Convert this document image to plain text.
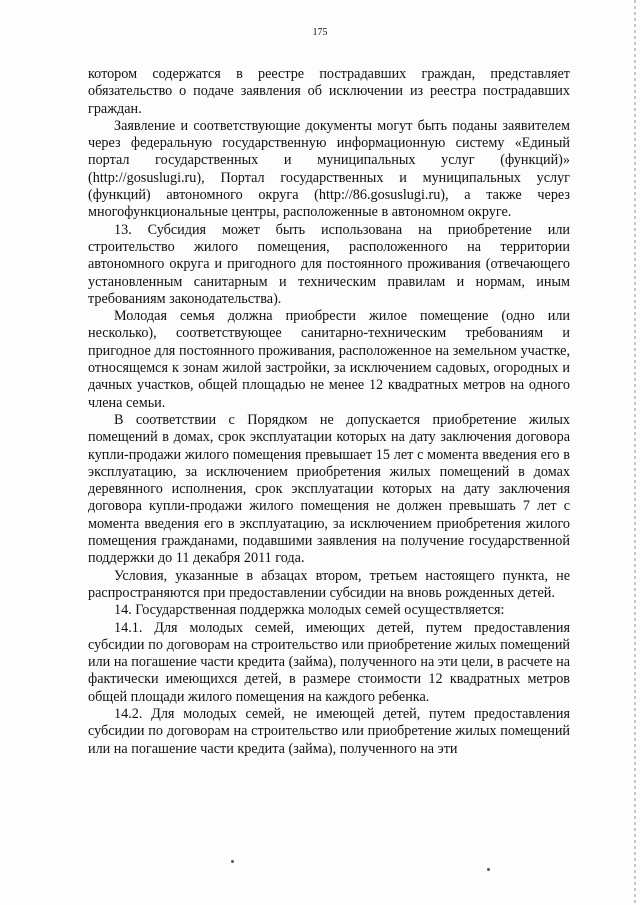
175

котором содержатся в реестре пострадавших граждан, представляет обязательство о подаче заявления об исключении из реестра пострадавших граждан.

Заявление и соответствующие документы могут быть поданы заявителем через федеральную государственную информационную систему «Единый портал государственных и муниципальных услуг (функций)» (http://gosuslugi.ru), Портал государственных и муниципальных услуг (функций) автономного округа (http://86.gosuslugi.ru), а также через многофункциональные центры, расположенные в автономном округе.

13. Субсидия может быть использована на приобретение или строительство жилого помещения, расположенного на территории автономного округа и пригодного для постоянного проживания (отвечающего установленным санитарным и техническим правилам и нормам, иным требованиям законодательства).

Молодая семья должна приобрести жилое помещение (одно или несколько), соответствующее санитарно-техническим требованиям и пригодное для постоянного проживания, расположенное на земельном участке, относящемся к зонам жилой застройки, за исключением садовых, огородных и дачных участков, общей площадью не менее 12 квадратных метров на одного члена семьи.

В соответствии с Порядком не допускается приобретение жилых помещений в домах, срок эксплуатации которых на дату заключения договора купли-продажи жилого помещения превышает 15 лет с момента введения его в эксплуатацию, за исключением приобретения жилых помещений в домах деревянного исполнения, срок эксплуатации которых на дату заключения договора купли-продажи жилого помещения не должен превышать 7 лет с момента введения его в эксплуатацию, за исключением приобретения жилого помещения гражданами, подавшими заявления на получение государственной поддержки до 11 декабря 2011 года.

Условия, указанные в абзацах втором, третьем настоящего пункта, не распространяются при предоставлении субсидии на вновь рожденных детей.

14. Государственная поддержка молодых семей осуществляется:

14.1. Для молодых семей, имеющих детей, путем предоставления субсидии по договорам на строительство или приобретение жилых помещений или на погашение части кредита (займа), полученного на эти цели, в расчете на фактически имеющихся детей, в размере стоимости 12 квадратных метров общей площади жилого помещения на каждого ребенка.

14.2. Для молодых семей, не имеющей детей, путем предоставления субсидии по договорам на строительство или приобретение жилых помещений или на погашение части кредита (займа), полученного на эти
